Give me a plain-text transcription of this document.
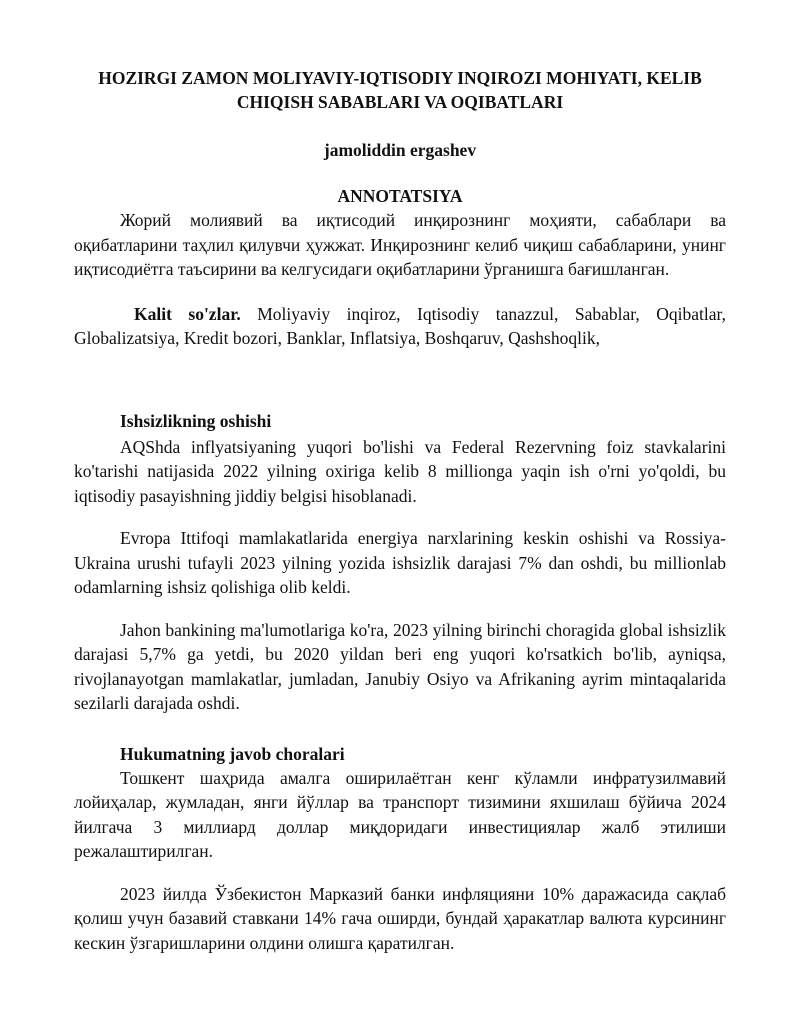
HOZIRGI ZAMON MOLIYAVIY-IQTISODIY INQIROZI MOHIYATI, KELIB CHIQISH SABABLARI VA OQIBATLARI
jamoliddin ergashev
ANNOTATSIYA

Жорий молиявий ва иқтисодий инқирознинг моҳияти, сабаблари ва оқибатларини таҳлил қилувчи ҳужжат. Инқирознинг келиб чиқиш сабабларини, унинг иқтисодиётга таъсирини ва келгусидаги оқибатларини ўрганишга бағишланган.

Kalit so'zlar. Moliyaviy inqiroz, Iqtisodiy tanazzul, Sabablar, Oqibatlar, Globalizatsiya, Kredit bozori, Banklar, Inflatsiya, Boshqaruv, Qashshoqlik,

Ishsizlikning oshishi

AQShda inflyatsiyaning yuqori bo'lishi va Federal Rezervning foiz stavkalarini ko'tarishi natijasida 2022 yilning oxiriga kelib 8 millionga yaqin ish o'rni yo'qoldi, bu iqtisodiy pasayishning jiddiy belgisi hisoblanadi.

Evropa Ittifoqi mamlakatlarida energiya narxlarining keskin oshishi va Rossiya-Ukraina urushi tufayli 2023 yilning yozida ishsizlik darajasi 7% dan oshdi, bu millionlab odamlarning ishsiz qolishiga olib keldi.

Jahon bankining ma'lumotlariga ko'ra, 2023 yilning birinchi choragida global ishsizlik darajasi 5,7% ga yetdi, bu 2020 yildan beri eng yuqori ko'rsatkich bo'lib, ayniqsa, rivojlanayotgan mamlakatlar, jumladan, Janubiy Osiyo va Afrikaning ayrim mintaqalarida sezilarli darajada oshdi.

Hukumatning javob choralari

Тошкент шаҳрида амалга оширилаётган кенг кўламли инфратузилмавий лойиҳалар, жумладан, янги йўллар ва транспорт тизимини яхшилаш бўйича 2024 йилгача 3 миллиард доллар миқдоридаги инвестициялар жалб этилиши режалаштирилган.

2023 йилда Ўзбекистон Марказий банки инфляцияни 10% даражасида сақлаб қолиш учун базавий ставкани 14% гача оширди, бундай ҳаракатлар валюта курсининг кескин ўзгаришларини олдини олишга қаратилган.
